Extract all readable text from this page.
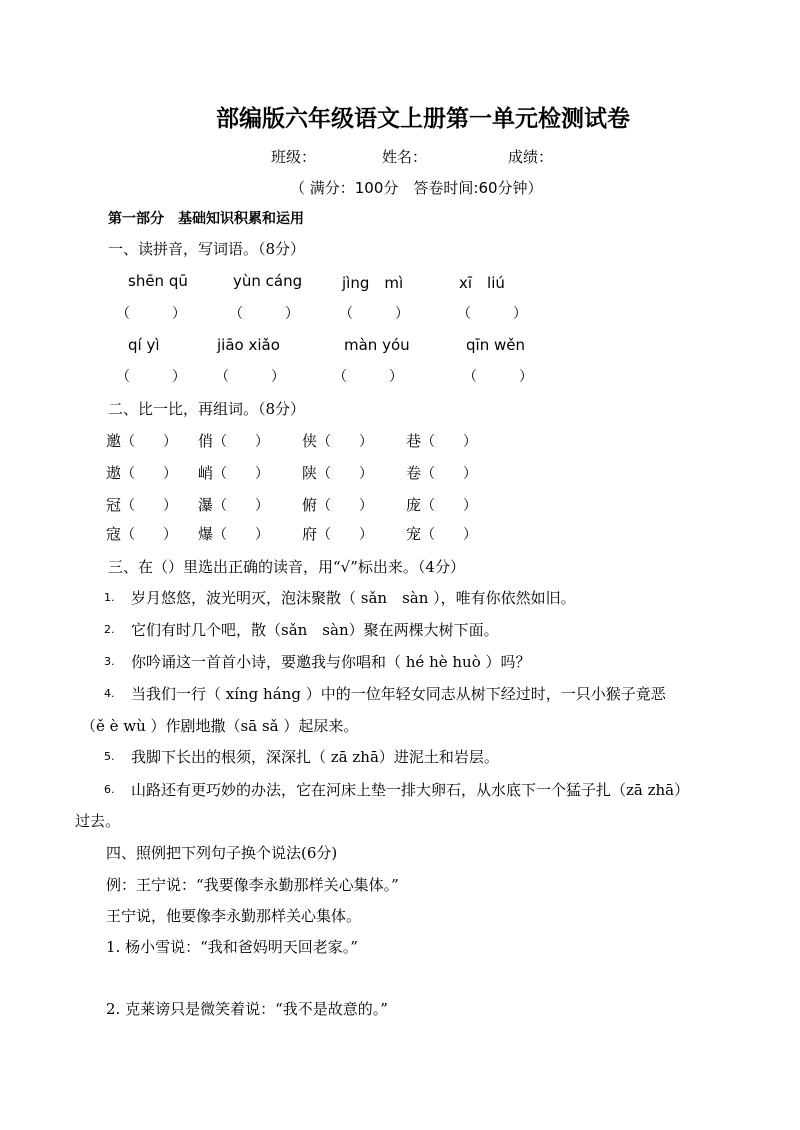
部编版六年级语文上册第一单元检测试卷
班级：	姓名：	成绩：
（ 满分：100分　答卷时间:60分钟）
第一部分　基础知识积累和运用
一、读拼音，写词语。（8分）
shēn qū	yùn cáng	jìng　mì	xī　liú
（　　　）	（　　　）	（　　　）	（　　　）
qí yì	jiāo xiǎo	màn yóu	qīn wěn
（　　　） （　　　）	（　　　）	（　　　）
二、比一比，再组词。（8分）
邀（　　） 俏（　　） 侠（　　） 巷（　　）
遨（　　） 峭（　　） 陕（　　） 卷（　　）
冠（　　） 瀑（　　） 俯（　　） 庞（　　）
寇（　　） 爆（　　） 府（　　） 宠（　　）
三、在（）里选出正确的读音，用“√”标出来。（4分）
1. 岁月悠悠，波光明灭，泡沫聚散（ sǎn　sàn ），唯有你依然如旧。
2. 它们有时几个吧，散（sǎn　sàn）聚在两棵大树下面。
3. 你吟诵这一首首小诗，要邀我与你唱和（ hé hè huò ）吗？
4. 当我们一行（ xíng háng ）中的一位年轻女同志从树下经过时，一只小猴子竟恶
（ě è wù ）作剧地撒（sā sǎ ）起尿来。
5. 我脚下长出的根须，深深扎（ zā zhā）进泥土和岩层。
6. 山路还有更巧妙的办法，它在河床上垫一排大卵石，从水底下一个猛子扎（zā zhā）
过去。
四、照例把下列句子换个说法(6分)
例：王宁说：“我要像李永勤那样关心集体。”
王宁说，他要像李永勤那样关心集体。
1. 杨小雪说：“我和爸妈明天回老家。”
2. 克莱谤只是微笑着说：“我不是故意的。”
